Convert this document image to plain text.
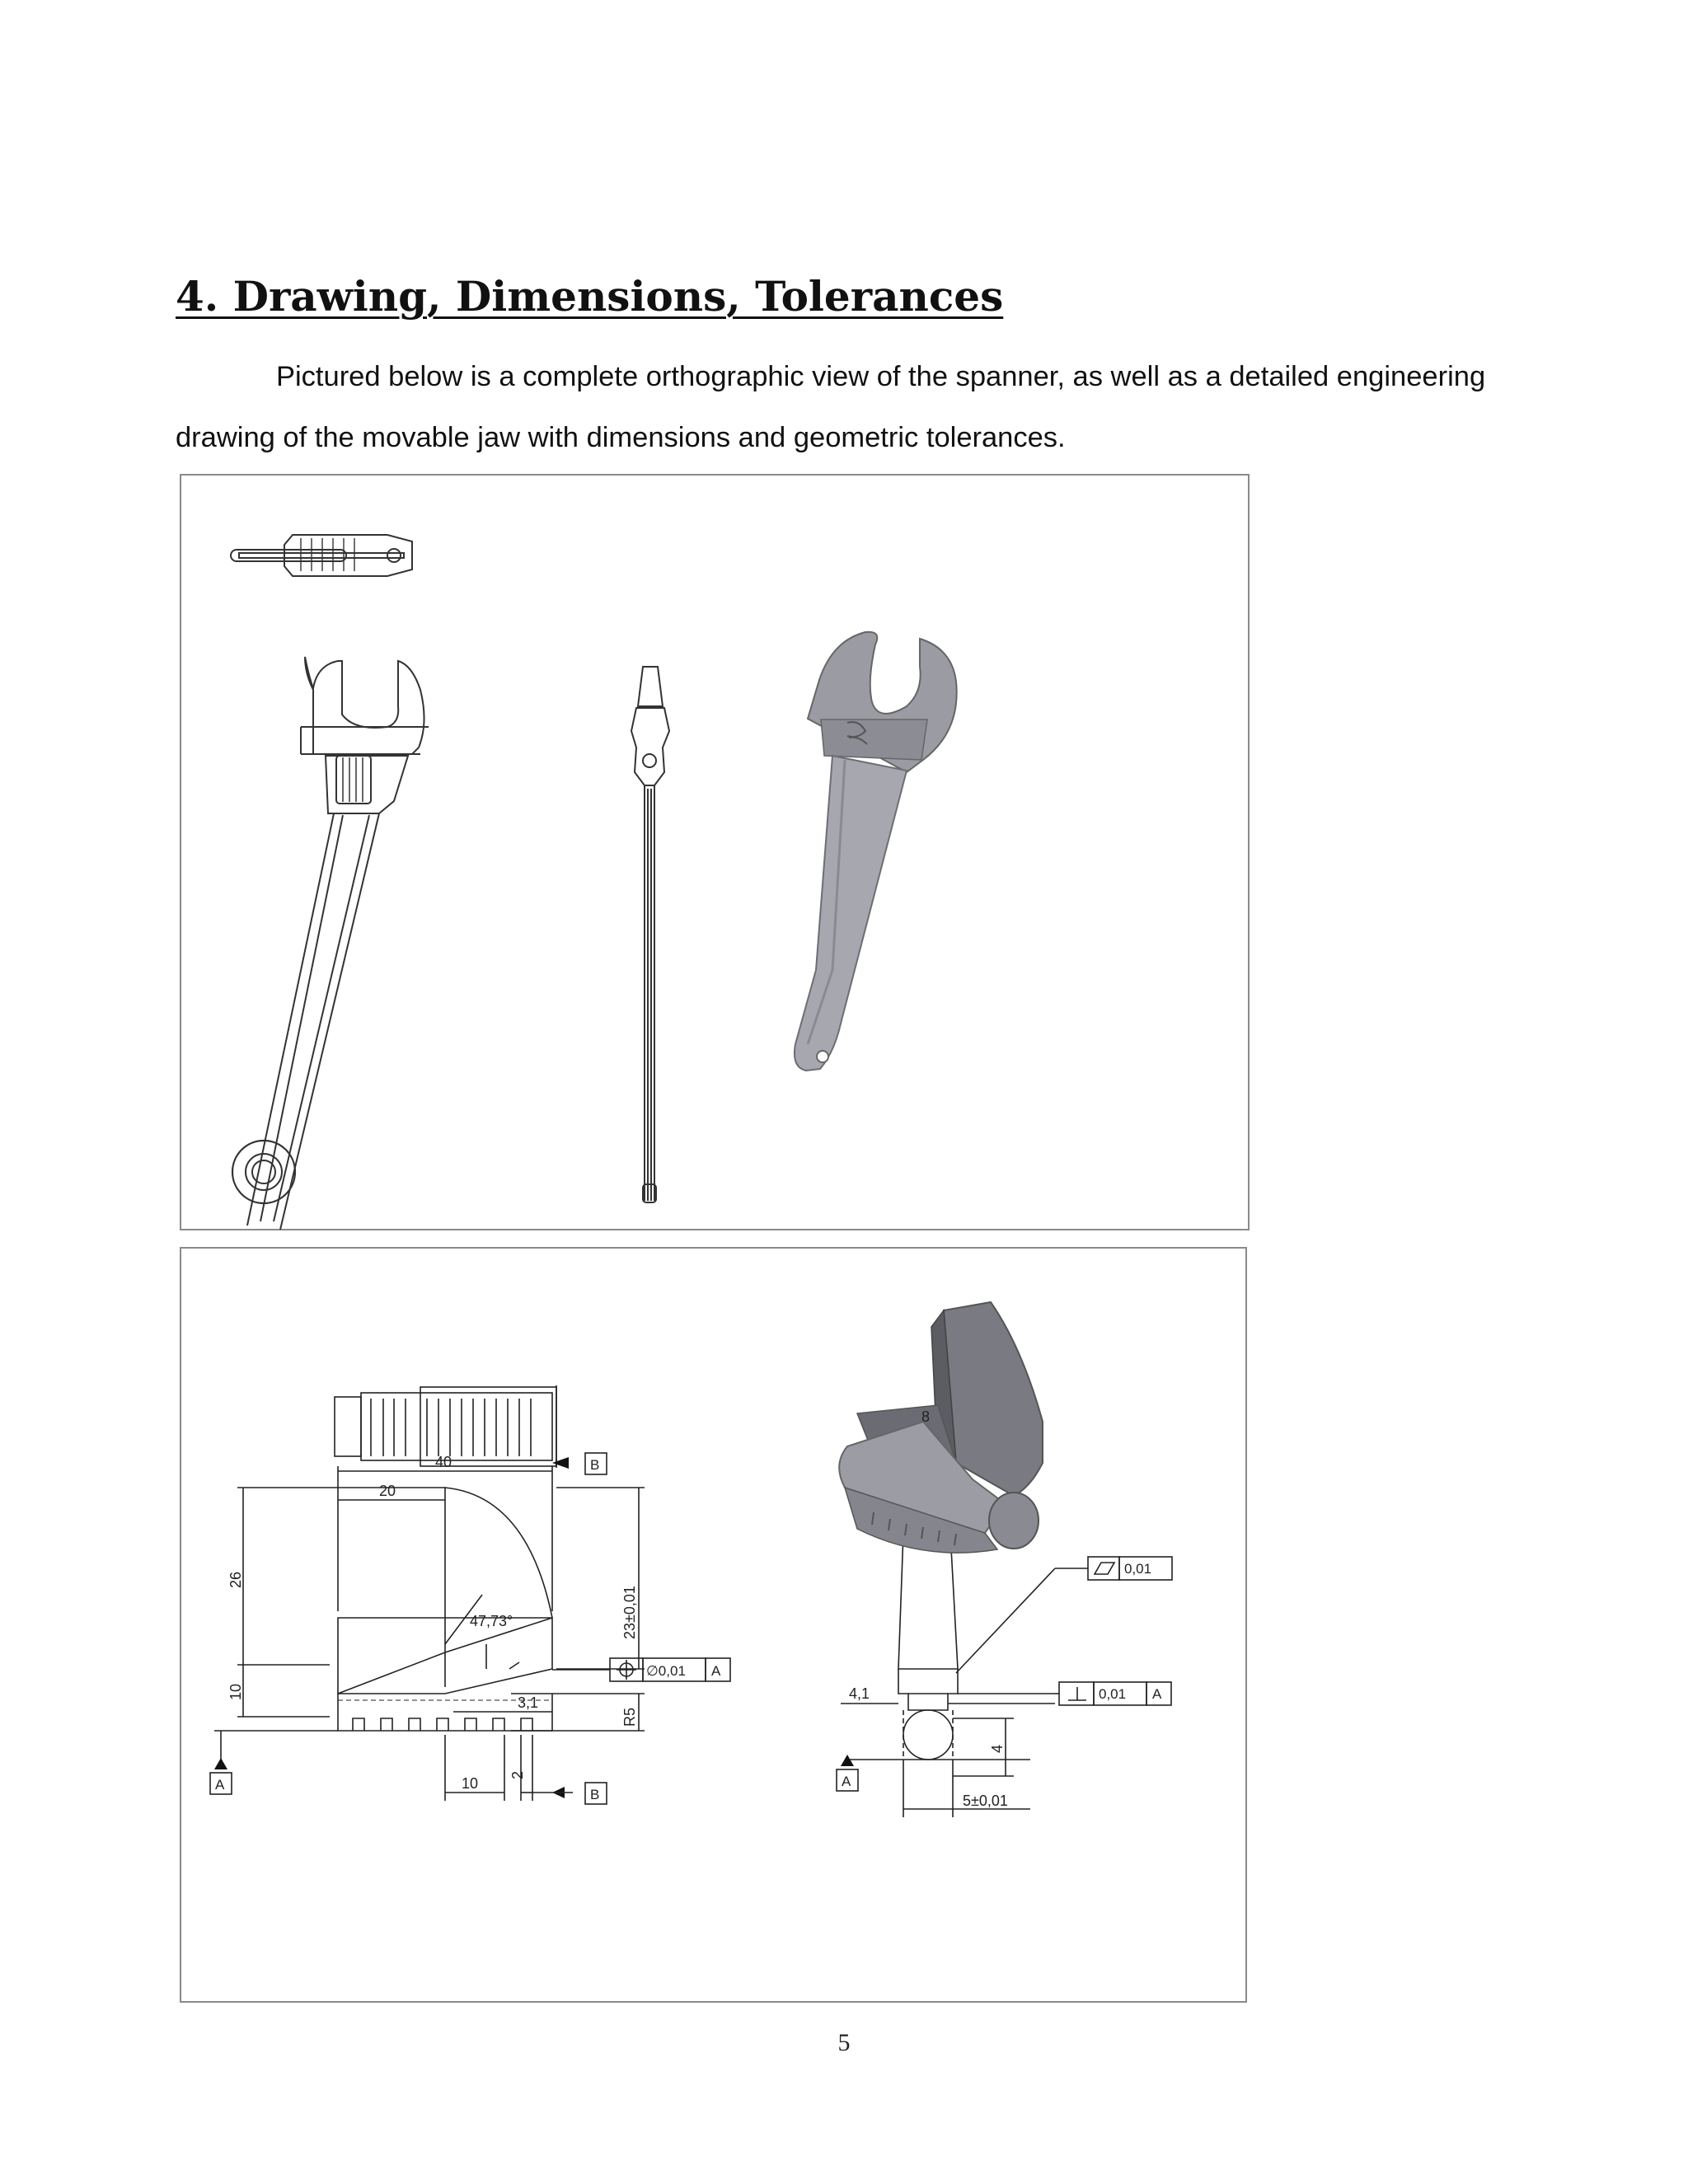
4. Drawing, Dimensions, Tolerances

Pictured below is a complete orthographic view of the spanner, as well as a detailed engineering drawing of the movable jaw with dimensions and geometric tolerances.

B
40
20
26
10
23±0,01
47,73°
R5
3,1
10
2
B
A
∅0,01 A
8
4,1
4
5±0,01
A
0,01
0,01 A
5
